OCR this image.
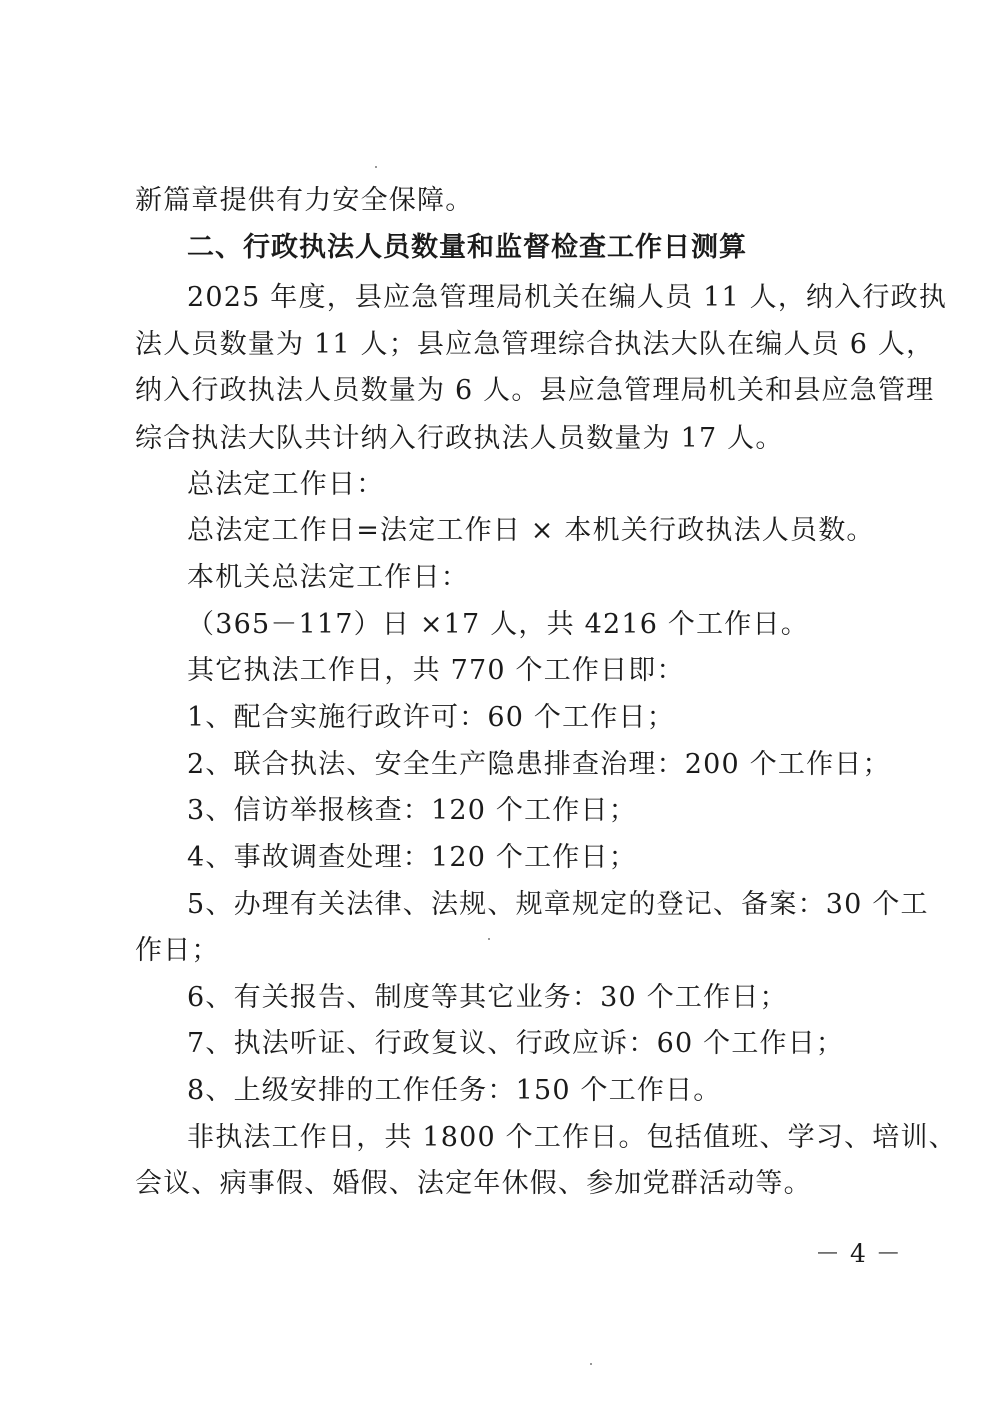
新篇章提供有力安全保障。
二、行政执法人员数量和监督检查工作日测算
2025 年度，县应急管理局机关在编人员 11 人，纳入行政执
法人员数量为 11 人；县应急管理综合执法大队在编人员 6 人，
纳入行政执法人员数量为 6 人。县应急管理局机关和县应急管理
综合执法大队共计纳入行政执法人员数量为 17 人。
总法定工作日：
总法定工作日=法定工作日 × 本机关行政执法人员数。
本机关总法定工作日：
（365－117）日 ×17 人，共 4216 个工作日。
其它执法工作日，共 770 个工作日即：
1、配合实施行政许可：60 个工作日；
2、联合执法、安全生产隐患排查治理：200 个工作日；
3、信访举报核查：120 个工作日；
4、事故调查处理：120 个工作日；
5、办理有关法律、法规、规章规定的登记、备案：30 个工
作日；
6、有关报告、制度等其它业务：30 个工作日；
7、执法听证、行政复议、行政应诉：60 个工作日；
8、上级安排的工作任务：150 个工作日。
非执法工作日，共 1800 个工作日。包括值班、学习、培训、
会议、病事假、婚假、法定年休假、参加党群活动等。
－ 4 －
